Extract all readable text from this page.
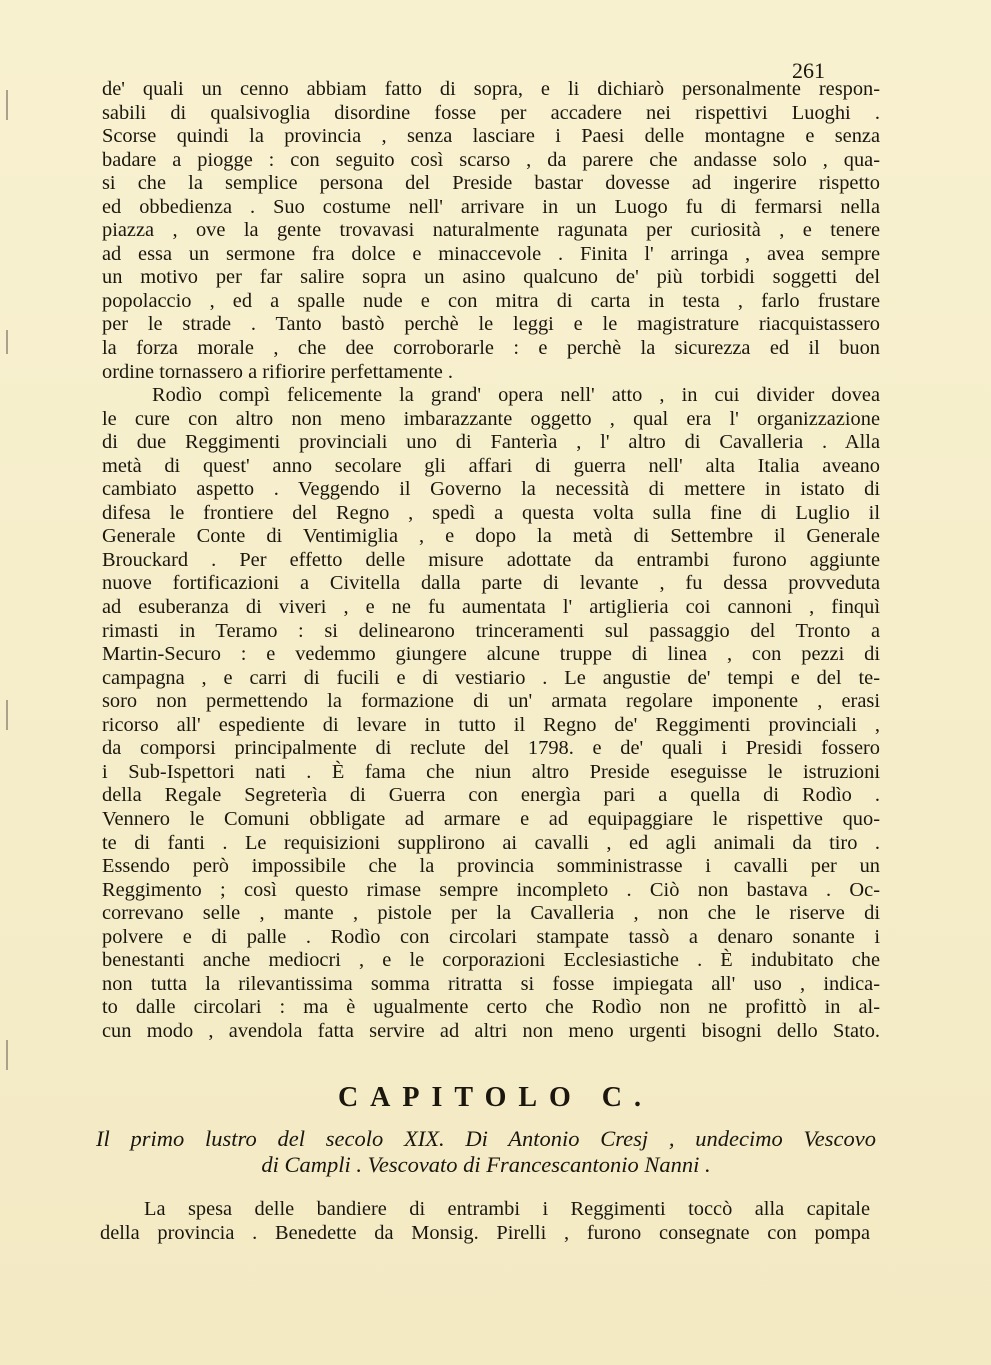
261
de' quali un cenno abbiam fatto di sopra, e li dichiarò personalmente respon-
sabili di qualsivoglia disordine fosse per accadere nei rispettivi Luoghi .
Scorse quindi la provincia , senza lasciare i Paesi delle montagne e senza
badare a piogge : con seguito così scarso , da parere che andasse solo , qua-
si che la semplice persona del Preside bastar dovesse ad ingerire rispetto
ed obbedienza . Suo costume nell' arrivare in un Luogo fu di fermarsi nella
piazza , ove la gente trovavasi naturalmente ragunata per curiosità , e tenere
ad essa un sermone fra dolce e minaccevole . Finita l' arringa , avea sempre
un motivo per far salire sopra un asino qualcuno de' più torbidi soggetti del
popolaccio , ed a spalle nude e con mitra di carta in testa , farlo frustare
per le strade . Tanto bastò perchè le leggi e le magistrature riacquistassero
la forza morale , che dee corroborarle : e perchè la sicurezza ed il buon
ordine tornassero a rifiorire perfettamente .
Rodìo compì felicemente la grand' opera nell' atto , in cui divider dovea
le cure con altro non meno imbarazzante oggetto , qual era l' organizzazione
di due Reggimenti provinciali uno di Fanterìa , l' altro di Cavalleria . Alla
metà di quest' anno secolare gli affari di guerra nell' alta Italia aveano
cambiato aspetto . Veggendo il Governo la necessità di mettere in istato di
difesa le frontiere del Regno , spedì a questa volta sulla fine di Luglio il
Generale Conte di Ventimiglia , e dopo la metà di Settembre il Generale
Brouckard . Per effetto delle misure adottate da entrambi furono aggiunte
nuove fortificazioni a Civitella dalla parte di levante , fu dessa provveduta
ad esuberanza di viveri , e ne fu aumentata l' artiglieria coi cannoni , finquì
rimasti in Teramo : si delinearono trinceramenti sul passaggio del Tronto a
Martin-Securo : e vedemmo giungere alcune truppe di linea , con pezzi di
campagna , e carri di fucili e di vestiario . Le angustie de' tempi e del te-
soro non permettendo la formazione di un' armata regolare imponente , erasi
ricorso all' espediente di levare in tutto il Regno de' Reggimenti provinciali ,
da comporsi principalmente di reclute del 1798. e de' quali i Presidi fossero
i Sub-Ispettori nati . È fama che niun altro Preside eseguisse le istruzioni
della Regale Segreterìa di Guerra con energìa pari a quella di Rodìo .
Vennero le Comuni obbligate ad armare e ad equipaggiare le rispettive quo-
te di fanti . Le requisizioni supplirono ai cavalli , ed agli animali da tiro .
Essendo però impossibile che la provincia somministrasse i cavalli per un
Reggimento ; così questo rimase sempre incompleto . Ciò non bastava . Oc-
correvano selle , mante , pistole per la Cavalleria , non che le riserve di
polvere e di palle . Rodìo con circolari stampate tassò a denaro sonante i
benestanti anche mediocri , e le corporazioni Ecclesiastiche . È indubitato che
non tutta la rilevantissima somma ritratta si fosse impiegata all' uso , indica-
to dalle circolari : ma è ugualmente certo che Rodìo non ne profittò in al-
cun modo , avendola fatta servire ad altri non meno urgenti bisogni dello Stato.
CAPITOLO C.
Il primo lustro del secolo XIX. Di Antonio Cresj , undecimo Vescovo
di Campli . Vescovato di Francescantonio Nanni .
La spesa delle bandiere di entrambi i Reggimenti toccò alla capitale
della provincia . Benedette da Monsig. Pirelli , furono consegnate con pompa
